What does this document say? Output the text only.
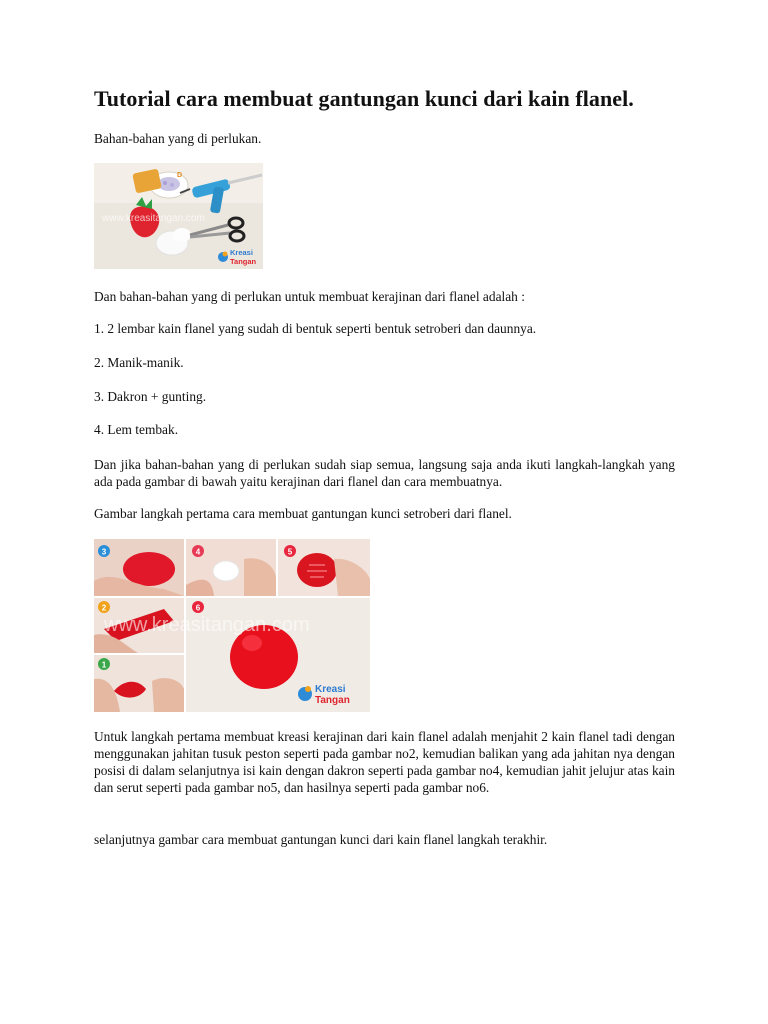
Tutorial cara membuat gantungan kunci dari kain flanel.

Bahan-bahan yang di perlukan.

D
www.kreasitangan.com
Kreasi
Tangan

Dan bahan-bahan yang di perlukan untuk membuat kerajinan dari flanel adalah :

1. 2 lembar kain flanel yang sudah di bentuk seperti bentuk setroberi dan daunnya.

2. Manik-manik.

3. Dakron + gunting.

4. Lem tembak.

Dan jika bahan-bahan yang di perlukan sudah siap semua, langsung saja anda ikuti langkah-langkah yang ada pada gambar di bawah yaitu kerajinan dari flanel dan cara membuatnya.

Gambar langkah pertama cara membuat gantungan kunci setroberi dari flanel.

www.kreasitangan.com
3	4	5
2	6
1
Kreasi
Tangan

Untuk langkah pertama membuat kreasi kerajinan dari kain flanel adalah menjahit 2 kain flanel tadi dengan menggunakan jahitan tusuk peston seperti pada gambar no2, kemudian balikan yang ada jahitan nya dengan posisi di dalam selanjutnya isi kain dengan dakron seperti pada gambar no4, kemudian jahit jelujur atas kain dan serut seperti pada gambar no5, dan hasilnya seperti pada gambar no6.

selanjutnya gambar cara membuat gantungan kunci dari kain flanel langkah terakhir.
